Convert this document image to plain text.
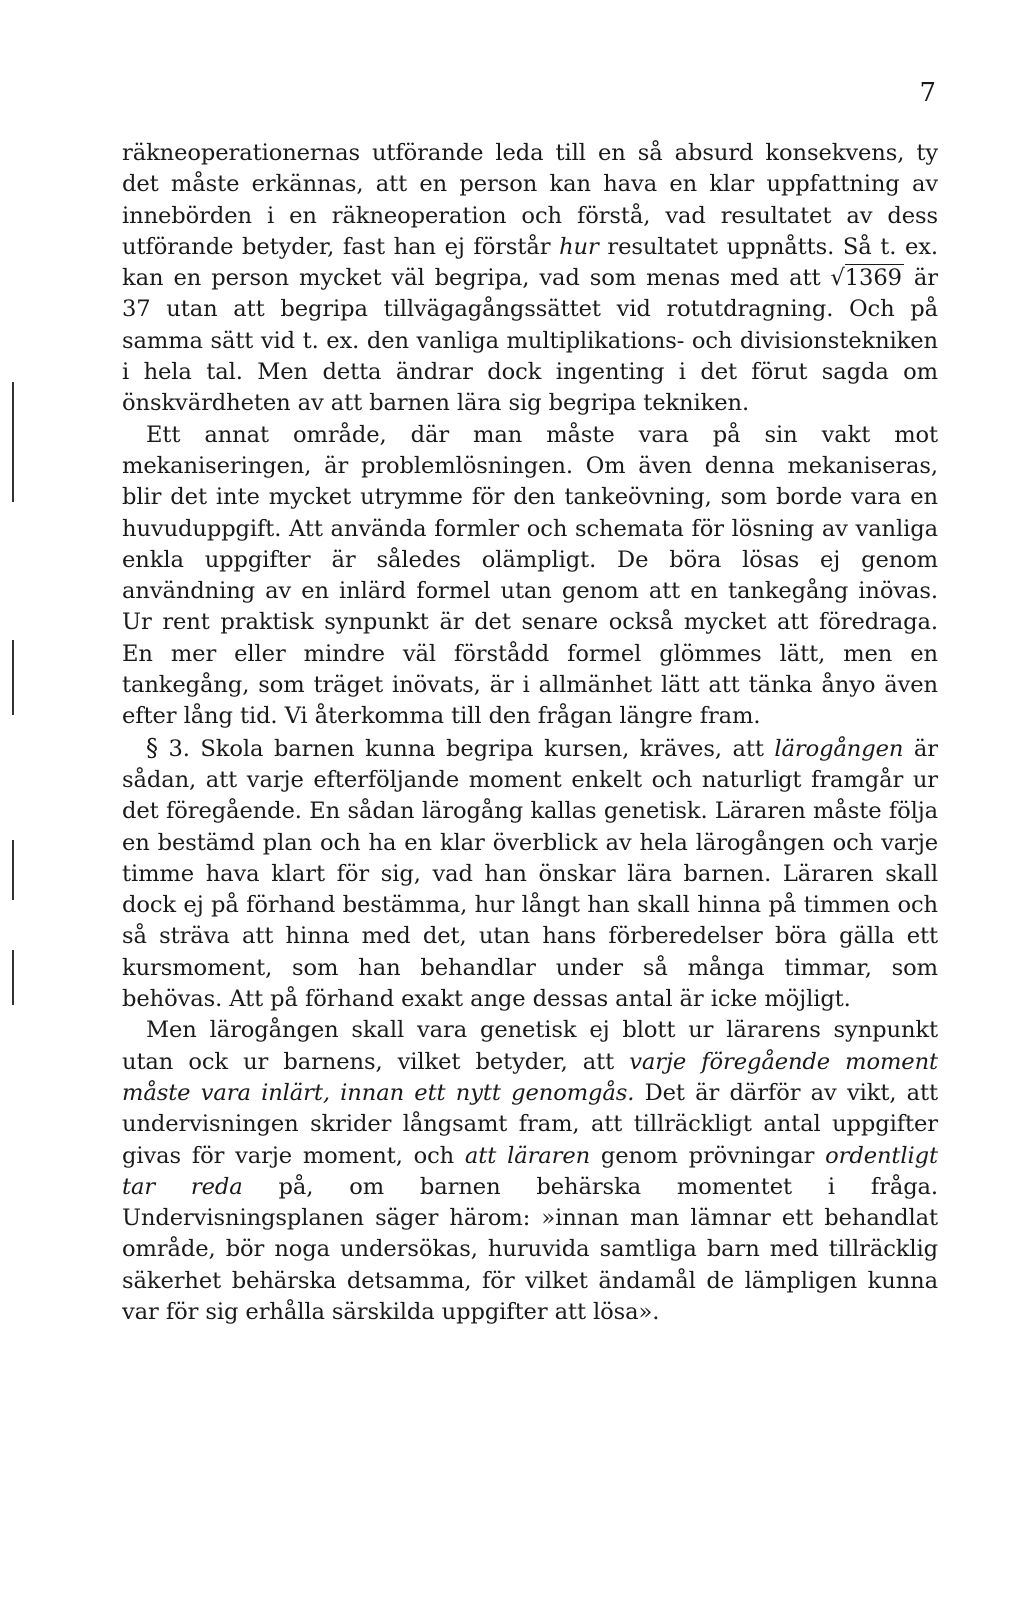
7

räkneoperationernas utförande leda till en så absurd konsekvens, ty det måste erkännas, att en person kan hava en klar uppfattning av innebörden i en räkneoperation och förstå, vad resultatet av dess utförande betyder, fast han ej förstår hur resultatet uppnåtts. Så t. ex. kan en person mycket väl begripa, vad som menas med att √1369 är 37 utan att begripa tillvägagångssättet vid rotutdragning. Och på samma sätt vid t. ex. den vanliga multiplikations- och divisionstekniken i hela tal. Men detta ändrar dock ingenting i det förut sagda om önskvärdheten av att barnen lära sig begripa tekniken.

Ett annat område, där man måste vara på sin vakt mot mekaniseringen, är problemlösningen. Om även denna mekaniseras, blir det inte mycket utrymme för den tankeövning, som borde vara en huvuduppgift. Att använda formler och schemata för lösning av vanliga enkla uppgifter är således olämpligt. De böra lösas ej genom användning av en inlärd formel utan genom att en tankegång inövas. Ur rent praktisk synpunkt är det senare också mycket att föredraga. En mer eller mindre väl förstådd formel glömmes lätt, men en tankegång, som träget inövats, är i allmänhet lätt att tänka ånyo även efter lång tid. Vi återkomma till den frågan längre fram.

§ 3. Skola barnen kunna begripa kursen, kräves, att lärogången är sådan, att varje efterföljande moment enkelt och naturligt framgår ur det föregående. En sådan lärogång kallas genetisk. Läraren måste följa en bestämd plan och ha en klar överblick av hela lärogången och varje timme hava klart för sig, vad han önskar lära barnen. Läraren skall dock ej på förhand bestämma, hur långt han skall hinna på timmen och så sträva att hinna med det, utan hans förberedelser böra gälla ett kursmoment, som han behandlar under så många timmar, som behövas. Att på förhand exakt ange dessas antal är icke möjligt.

Men lärogången skall vara genetisk ej blott ur lärarens synpunkt utan ock ur barnens, vilket betyder, att varje föregående moment måste vara inlärt, innan ett nytt genomgås. Det är därför av vikt, att undervisningen skrider långsamt fram, att tillräckligt antal uppgifter givas för varje moment, och att läraren genom prövningar ordentligt tar reda på, om barnen behärska momentet i fråga. Undervisningsplanen säger härom: »innan man lämnar ett behandlat område, bör noga undersökas, huruvida samtliga barn med tillräcklig säkerhet behärska detsamma, för vilket ändamål de lämpligen kunna var för sig erhålla särskilda uppgifter att lösa».
